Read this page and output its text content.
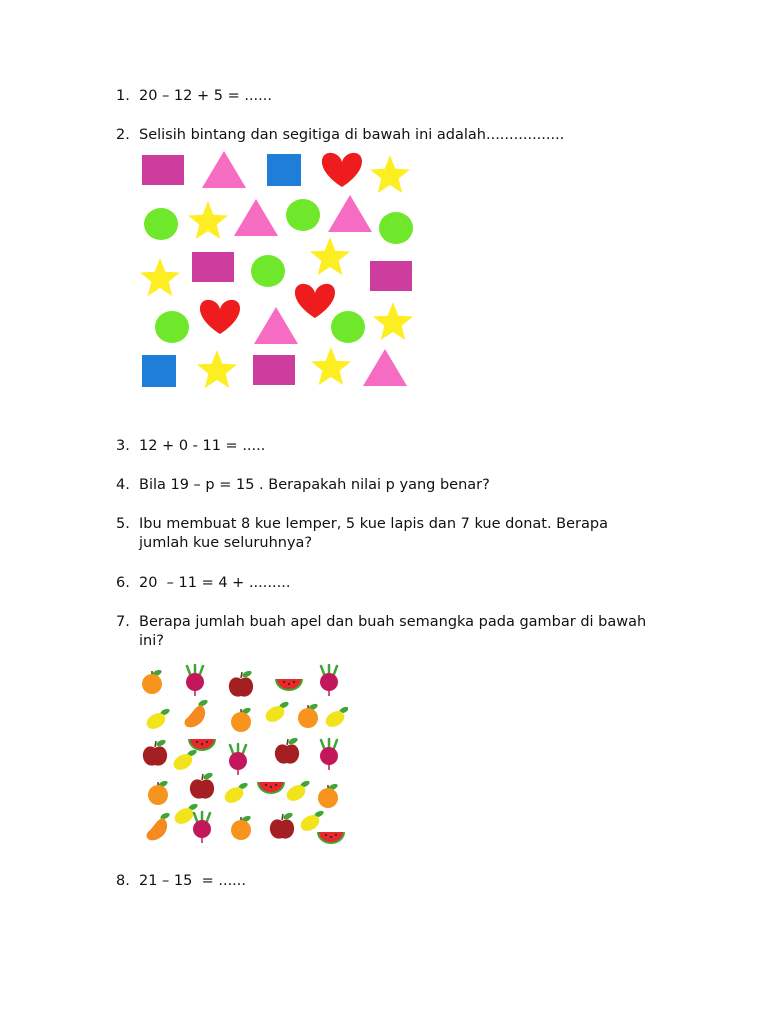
1. 20 – 12 + 5 = ......
2. Selisih bintang dan segitiga di bawah ini adalah.................
3. 12 + 0 - 11 = .....
4. Bila 19 – p = 15 . Berapakah nilai p yang benar?
5. Ibu membuat 8 kue lemper, 5 kue lapis dan 7 kue donat. Berapa jumlah kue seluruhnya?
6. 20  – 11 = 4 + .........
7. Berapa jumlah buah apel dan buah semangka pada gambar di bawah ini?
8. 21 – 15  = ......
